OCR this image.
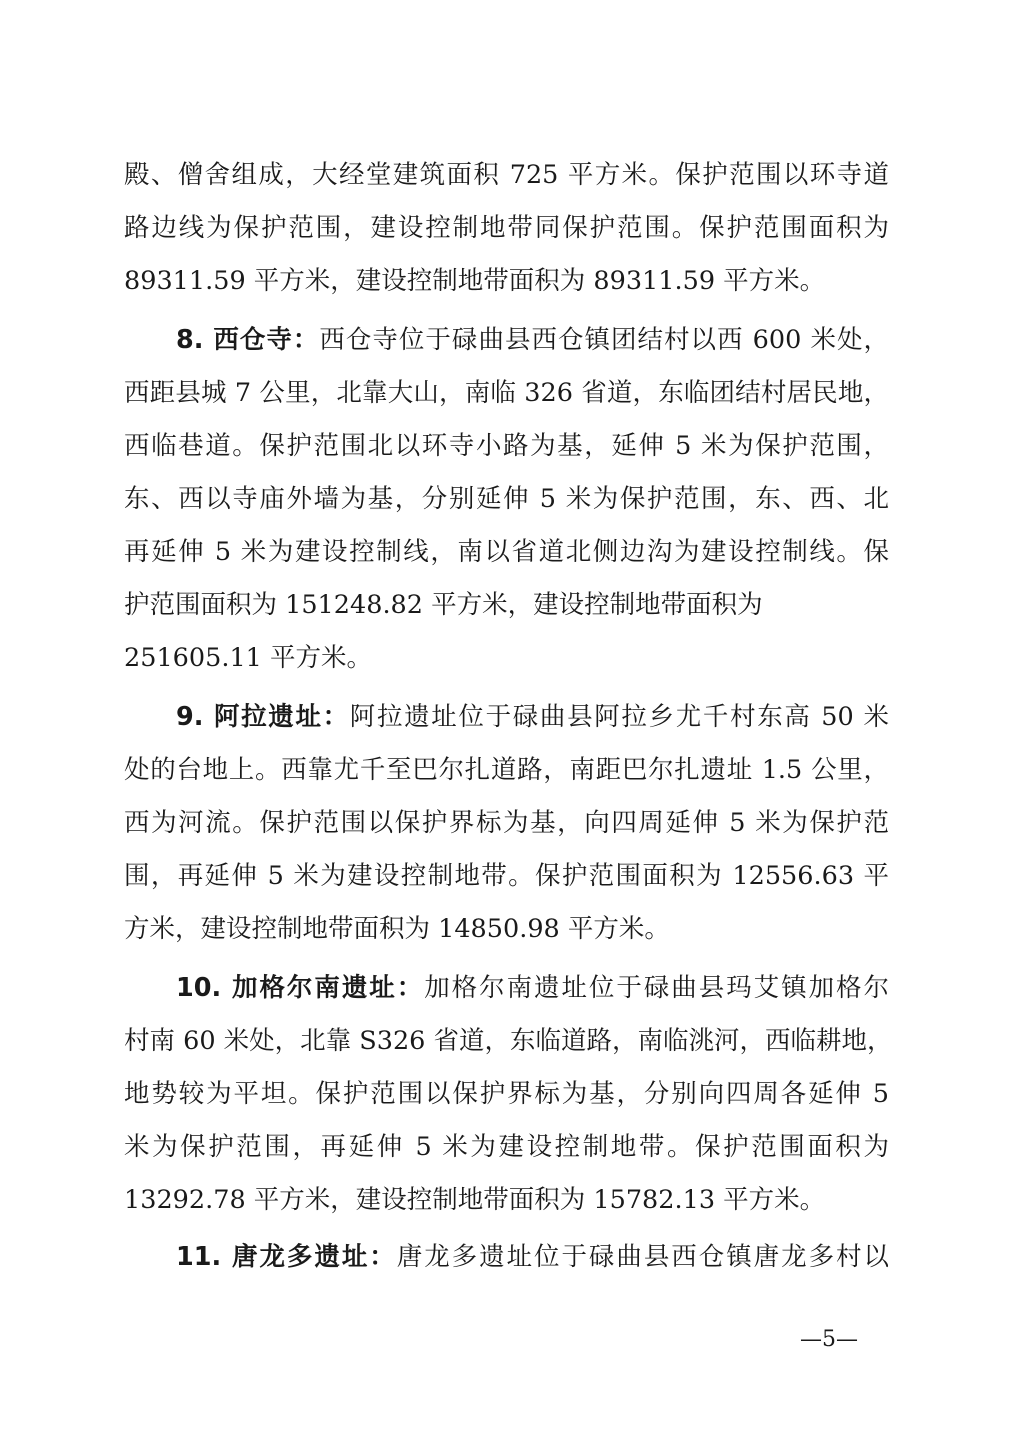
殿、僧舍组成，大经堂建筑面积 725 平方米。保护范围以环寺道
路边线为保护范围，建设控制地带同保护范围。保护范围面积为
89311.59 平方米，建设控制地带面积为 89311.59 平方米。
8. 西仓寺：西仓寺位于碌曲县西仓镇团结村以西 600 米处，
西距县城 7 公里，北靠大山，南临 326 省道，东临团结村居民地，
西临巷道。保护范围北以环寺小路为基，延伸 5 米为保护范围，
东、西以寺庙外墙为基，分别延伸 5 米为保护范围，东、西、北
再延伸 5 米为建设控制线，南以省道北侧边沟为建设控制线。保
护范围面积为 151248.82 平方米，建设控制地带面积为
251605.11 平方米。
9. 阿拉遗址：阿拉遗址位于碌曲县阿拉乡尤千村东高 50 米
处的台地上。西靠尤千至巴尔扎道路，南距巴尔扎遗址 1.5 公里，
西为河流。保护范围以保护界标为基，向四周延伸 5 米为保护范
围，再延伸 5 米为建设控制地带。保护范围面积为 12556.63 平
方米，建设控制地带面积为 14850.98 平方米。
10. 加格尔南遗址：加格尔南遗址位于碌曲县玛艾镇加格尔
村南 60 米处，北靠 S326 省道，东临道路，南临洮河，西临耕地，
地势较为平坦。保护范围以保护界标为基，分别向四周各延伸 5
米为保护范围，再延伸 5 米为建设控制地带。保护范围面积为
13292.78 平方米，建设控制地带面积为 15782.13 平方米。
11. 唐龙多遗址：唐龙多遗址位于碌曲县西仓镇唐龙多村以
—5—
